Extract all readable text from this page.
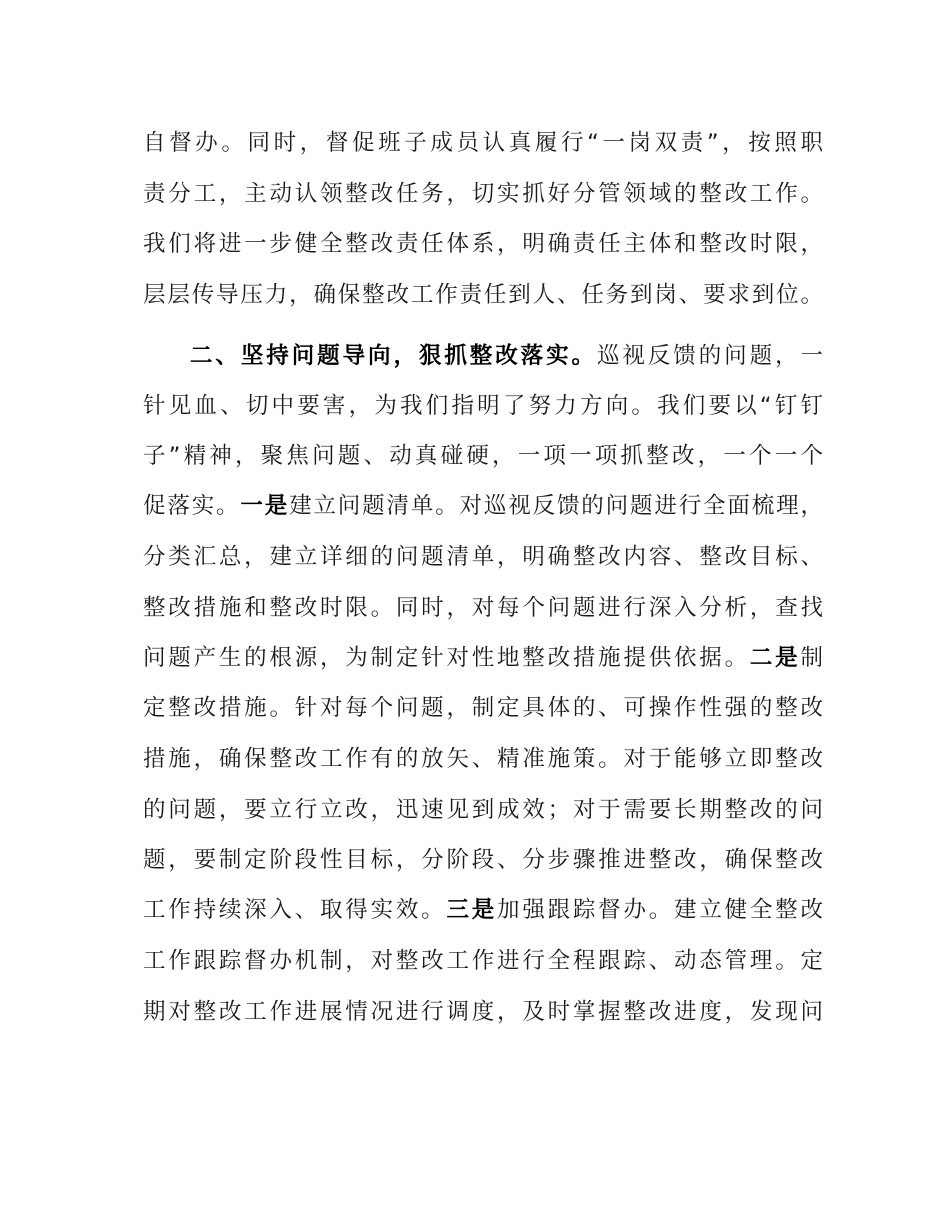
自督办。同时，督促班子成员认真履行“一岗双责”，按照职
责分工，主动认领整改任务，切实抓好分管领域的整改工作。
我们将进一步健全整改责任体系，明确责任主体和整改时限，
层层传导压力，确保整改工作责任到人、任务到岗、要求到位。
二、坚持问题导向，狠抓整改落实。巡视反馈的问题，一
针见血、切中要害，为我们指明了努力方向。我们要以“钉钉
子”精神，聚焦问题、动真碰硬，一项一项抓整改，一个一个
促落实。一是建立问题清单。对巡视反馈的问题进行全面梳理，
分类汇总，建立详细的问题清单，明确整改内容、整改目标、
整改措施和整改时限。同时，对每个问题进行深入分析，查找
问题产生的根源，为制定针对性地整改措施提供依据。二是制
定整改措施。针对每个问题，制定具体的、可操作性强的整改
措施，确保整改工作有的放矢、精准施策。对于能够立即整改
的问题，要立行立改，迅速见到成效；对于需要长期整改的问
题，要制定阶段性目标，分阶段、分步骤推进整改，确保整改
工作持续深入、取得实效。三是加强跟踪督办。建立健全整改
工作跟踪督办机制，对整改工作进行全程跟踪、动态管理。定
期对整改工作进展情况进行调度，及时掌握整改进度，发现问
